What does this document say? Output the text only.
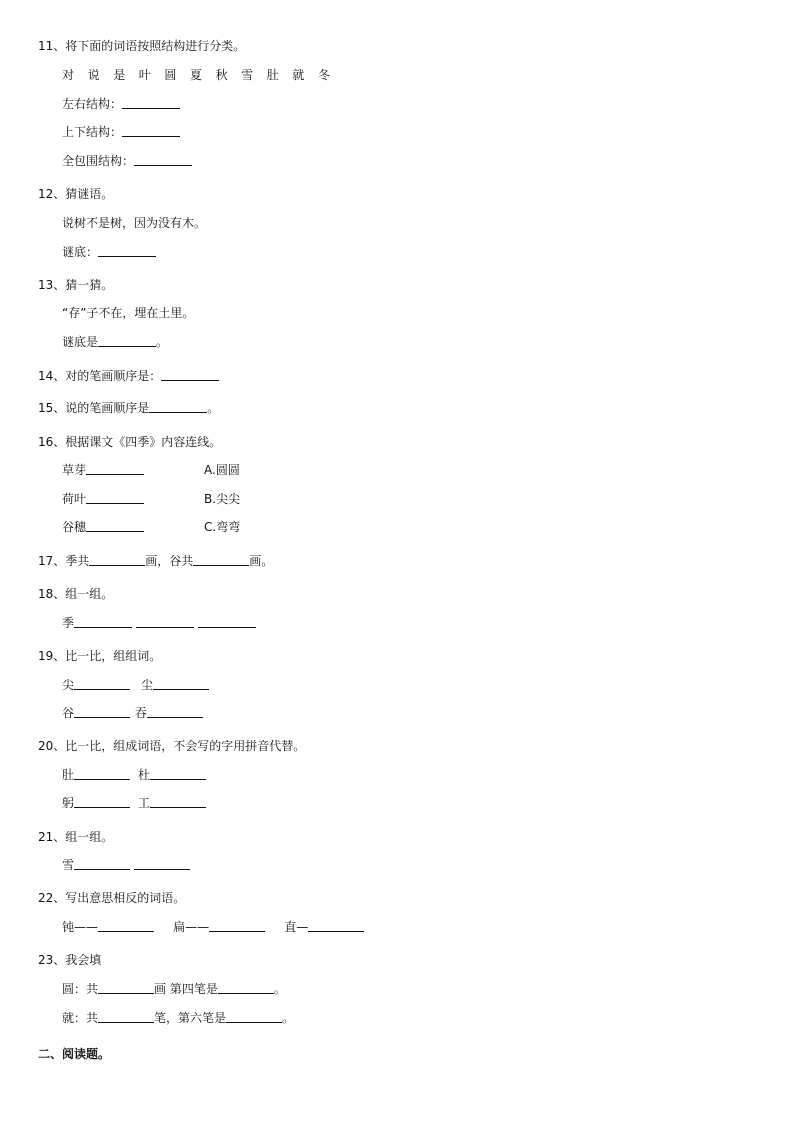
11、将下面的词语按照结构进行分类。
对 说 是 叶 圆 夏 秋 雪 肚 就 冬
左右结构：
上下结构：
全包围结构：
12、猜谜语。
说树不是树，因为没有木。
谜底：
13、猜一猜。
“存”子不在，埋在土里。
谜底是	。
14、对的笔画顺序是：
15、说的笔画顺序是	。
16、根据课文《四季》内容连线。
草芽	A.圆圆
荷叶	B.尖尖
谷穗	C.弯弯
17、季共	画，谷共	画。
18、组一组。
季
19、比一比，组组词。
尖	尘
谷	吞
20、比一比，组成词语，不会写的字用拼音代替。
肚	杜
躬	工
21、组一组。
雪
22、写出意思相反的词语。
钝——	扁——	直—
23、我会填
圆：共	画 第四笔是	。
就：共	笔，第六笔是	。
二、阅读题。
